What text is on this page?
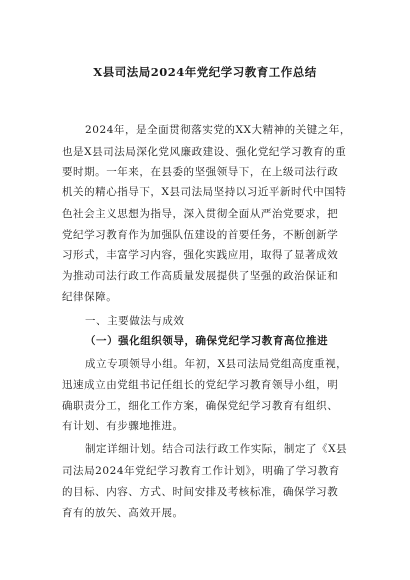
X县司法局2024年党纪学习教育工作总结
2024年，是全面贯彻落实党的XX大精神的关键之年，
也是X县司法局深化党风廉政建设、强化党纪学习教育的重
要时期。一年来，在县委的坚强领导下，在上级司法行政
机关的精心指导下，X县司法局坚持以习近平新时代中国特
色社会主义思想为指导，深入贯彻全面从严治党要求，把
党纪学习教育作为加强队伍建设的首要任务，不断创新学
习形式，丰富学习内容，强化实践应用，取得了显著成效
为推动司法行政工作高质量发展提供了坚强的政治保证和
纪律保障。
一、主要做法与成效
（一）强化组织领导，确保党纪学习教育高位推进
成立专项领导小组。年初，X县司法局党组高度重视，
迅速成立由党组书记任组长的党纪学习教育领导小组，明
确职责分工，细化工作方案，确保党纪学习教育有组织、
有计划、有步骤地推进。
制定详细计划。结合司法行政工作实际，制定了《X县
司法局2024年党纪学习教育工作计划》，明确了学习教育
的目标、内容、方式、时间安排及考核标准，确保学习教
育有的放矢、高效开展。
